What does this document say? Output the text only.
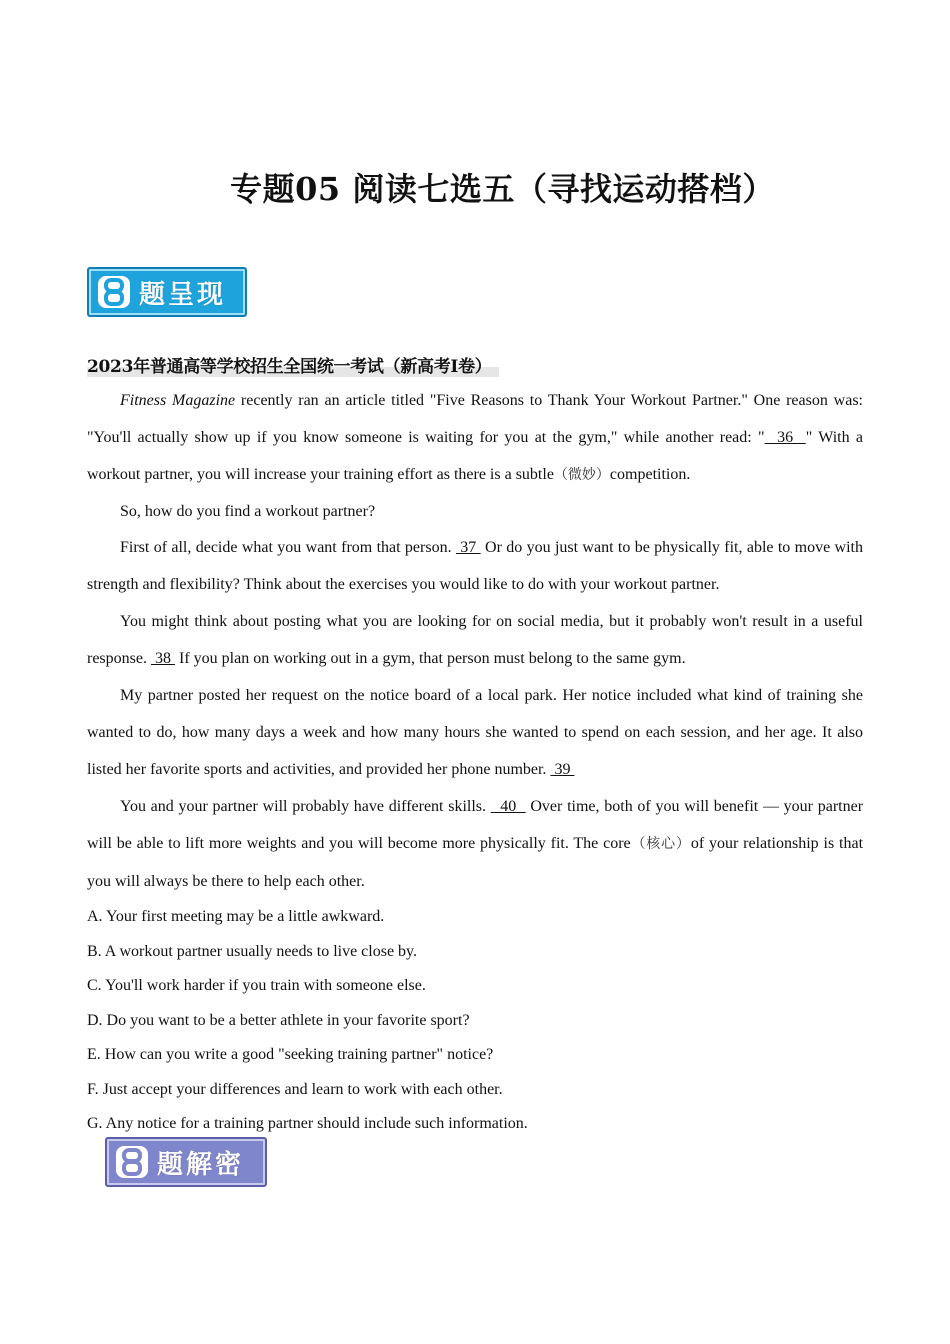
专题05 阅读七选五（寻找运动搭档）
题呈现
2023年普通高等学校招生全国统一考试（新高考Ⅰ卷）

Fitness Magazine recently ran an article titled "Five Reasons to Thank Your Workout Partner." One reason was: "You'll actually show up if you know someone is waiting for you at the gym," while another read: "  36  " With a workout partner, you will increase your training effort as there is a subtle（微妙）competition.

So, how do you find a workout partner?

First of all, decide what you want from that person.  37  Or do you just want to be physically fit, able to move with strength and flexibility? Think about the exercises you would like to do with your workout partner.

You might think about posting what you are looking for on social media, but it probably won't result in a useful response.  38  If you plan on working out in a gym, that person must belong to the same gym.

My partner posted her request on the notice board of a local park. Her notice included what kind of training she wanted to do, how many days a week and how many hours she wanted to spend on each session, and her age. It also listed her favorite sports and activities, and provided her phone number.  39

You and your partner will probably have different skills.   40   Over time, both of you will benefit — your partner will be able to lift more weights and you will become more physically fit. The core（核心）of your relationship is that you will always be there to help each other.

A. Your first meeting may be a little awkward.

B. A workout partner usually needs to live close by.

C. You'll work harder if you train with someone else.

D. Do you want to be a better athlete in your favorite sport?

E. How can you write a good "seeking training partner" notice?

F. Just accept your differences and learn to work with each other.

G. Any notice for a training partner should include such information.

题解密
